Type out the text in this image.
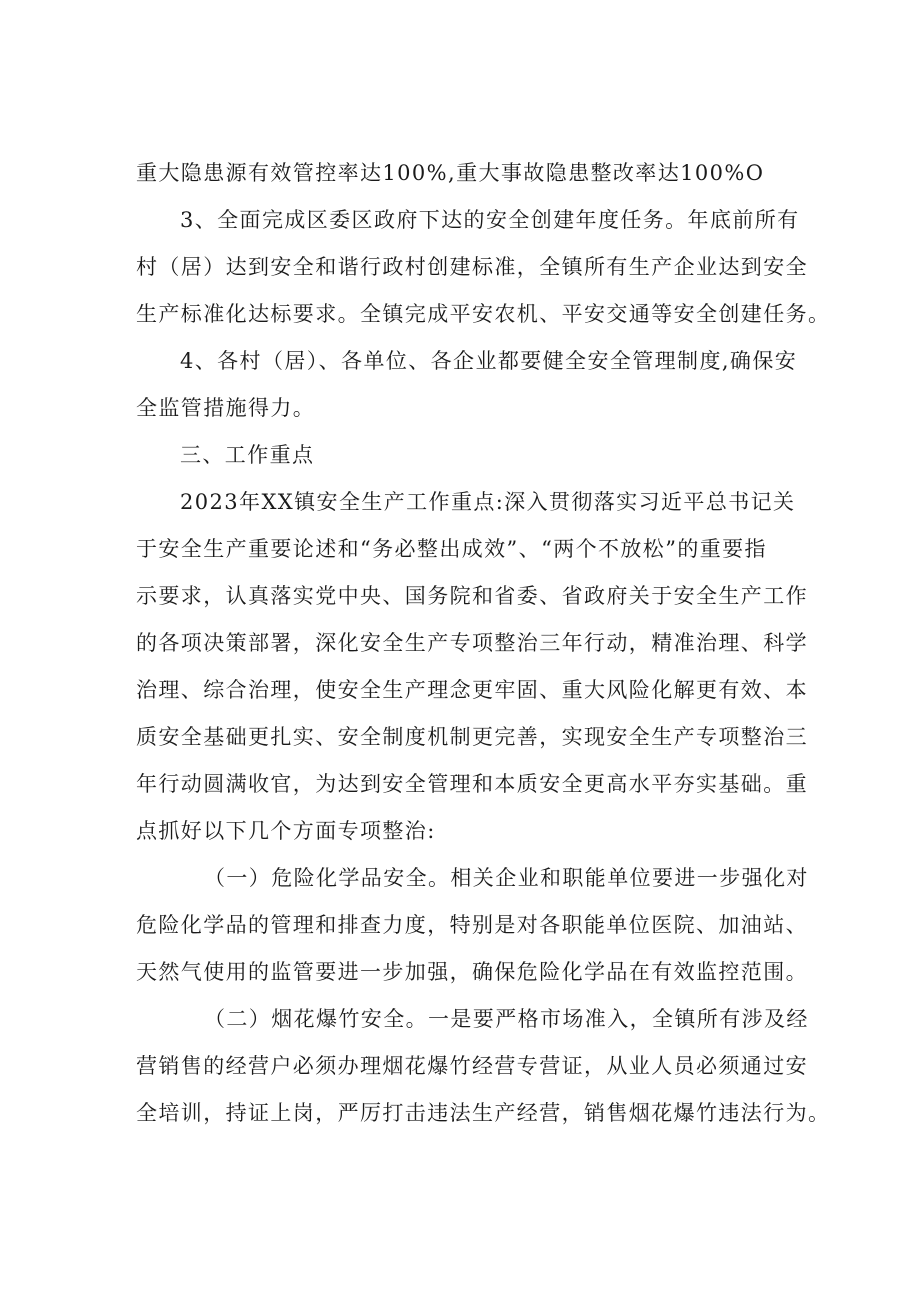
重大隐患源有效管控率达100%,重大事故隐患整改率达100%O
3、全面完成区委区政府下达的安全创建年度任务。年底前所有
村（居）达到安全和谐行政村创建标准，全镇所有生产企业达到安全
生产标准化达标要求。全镇完成平安农机、平安交通等安全创建任务。
4、各村（居）、各单位、各企业都要健全安全管理制度,确保安
全监管措施得力。
三、工作重点
2023年XX镇安全生产工作重点:深入贯彻落实习近平总书记关
于安全生产重要论述和“务必整出成效”、“两个不放松”的重要指
示要求，认真落实党中央、国务院和省委、省政府关于安全生产工作
的各项决策部署，深化安全生产专项整治三年行动，精准治理、科学
治理、综合治理，使安全生产理念更牢固、重大风险化解更有效、本
质安全基础更扎实、安全制度机制更完善，实现安全生产专项整治三
年行动圆满收官，为达到安全管理和本质安全更高水平夯实基础。重
点抓好以下几个方面专项整治:
（一）危险化学品安全。相关企业和职能单位要进一步强化对
危险化学品的管理和排查力度，特别是对各职能单位医院、加油站、
天然气使用的监管要进一步加强，确保危险化学品在有效监控范围。
（二）烟花爆竹安全。一是要严格市场准入，全镇所有涉及经
营销售的经营户必须办理烟花爆竹经营专营证，从业人员必须通过安
全培训，持证上岗，严厉打击违法生产经营，销售烟花爆竹违法行为。
